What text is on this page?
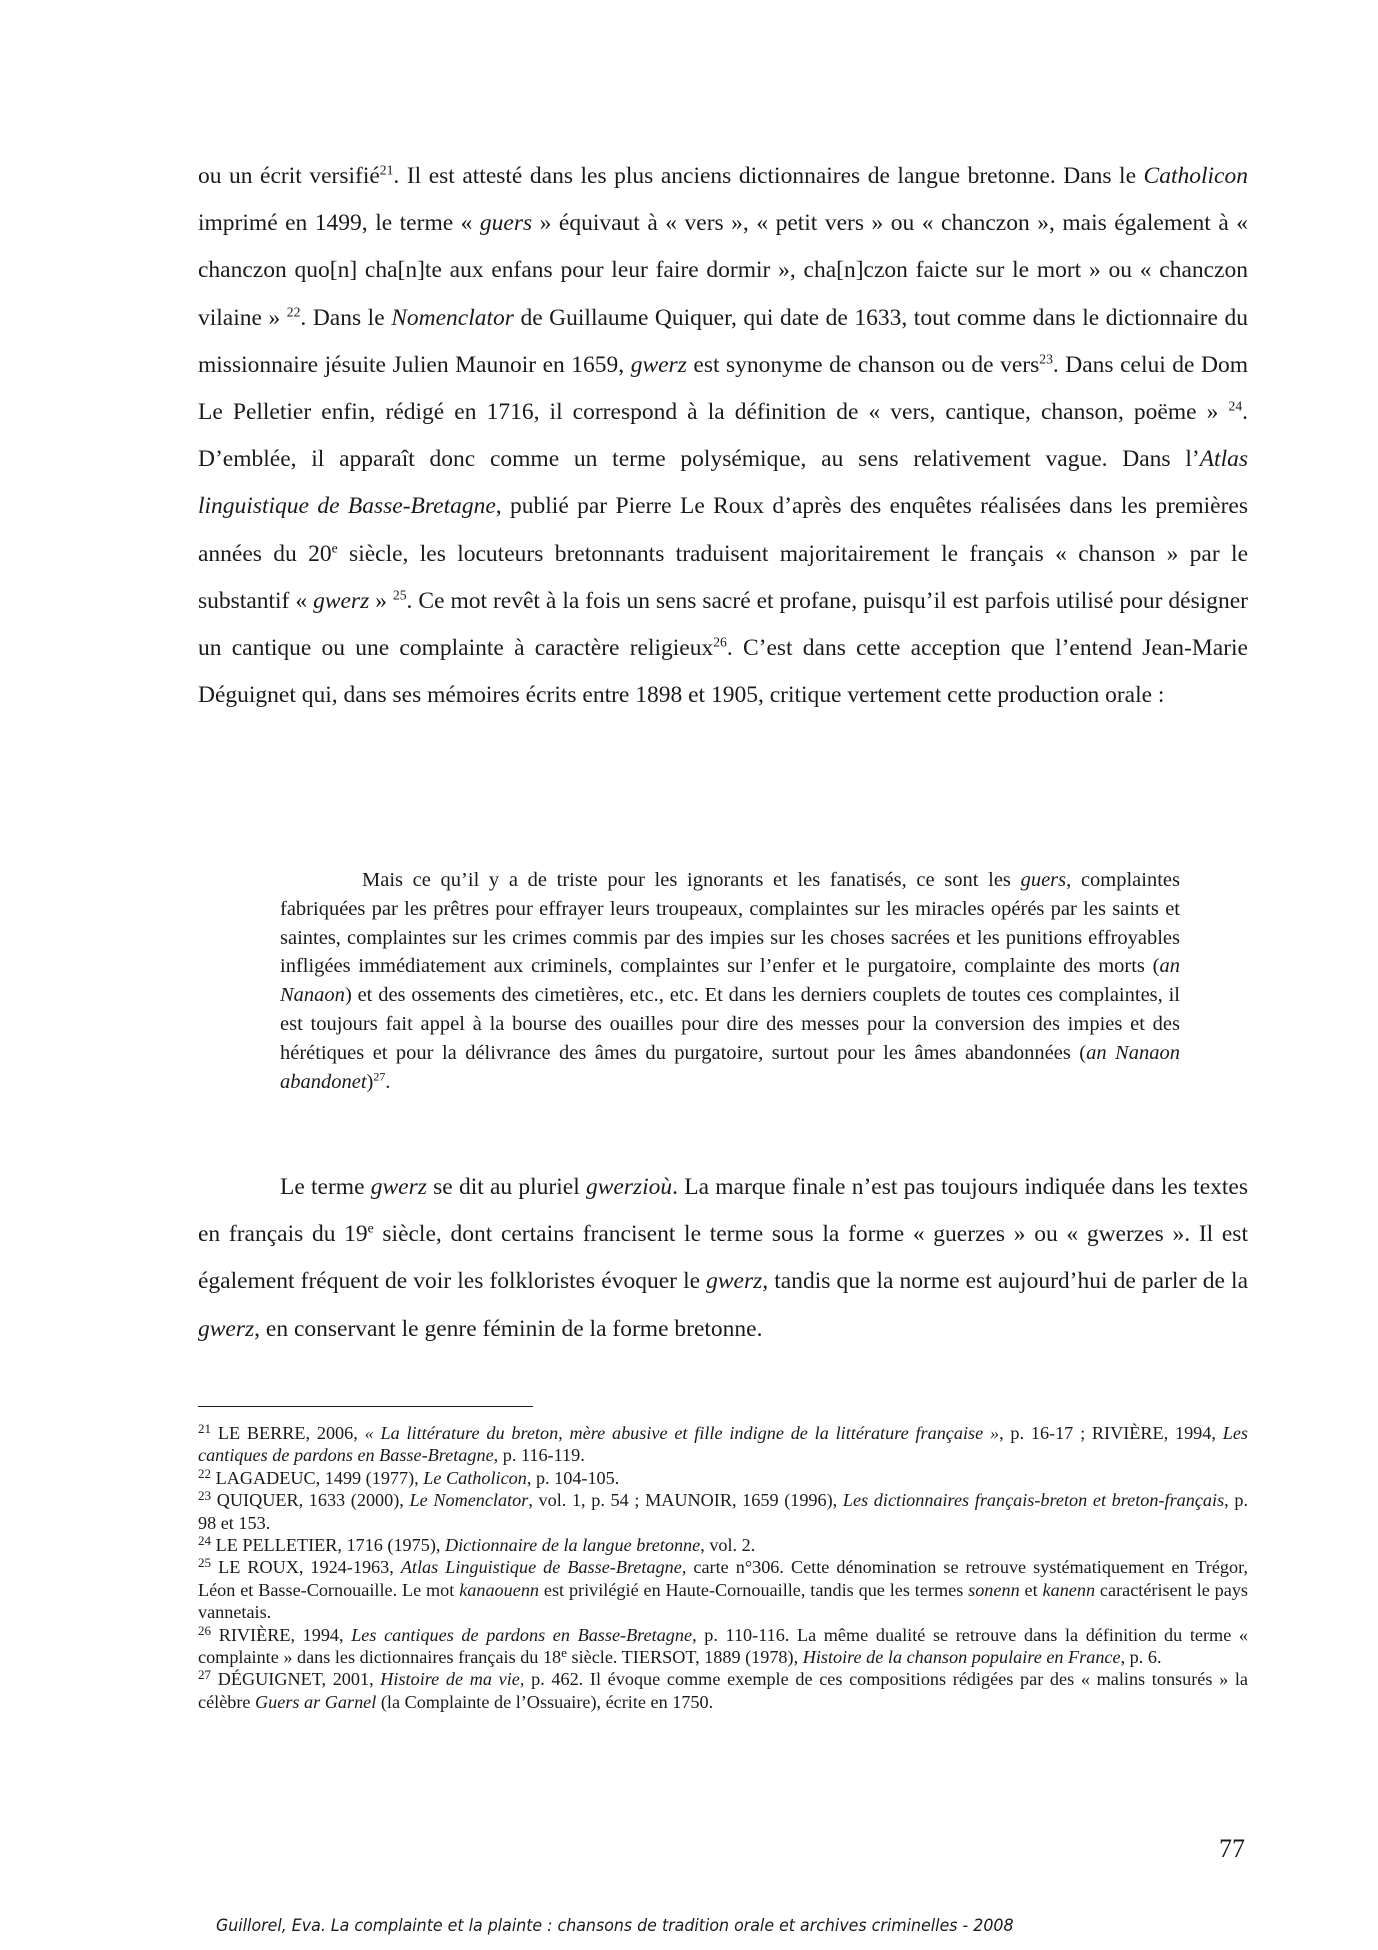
ou un écrit versifié$^{21}$. Il est attesté dans les plus anciens dictionnaires de langue bretonne. Dans le Catholicon imprimé en 1499, le terme « guers » équivaut à « vers », « petit vers » ou « chanczon », mais également à « chanczon quo[n] cha[n]te aux enfans pour leur faire dormir », cha[n]czon faicte sur le mort » ou « chanczon vilaine » $^{22}$. Dans le Nomenclator de Guillaume Quiquer, qui date de 1633, tout comme dans le dictionnaire du missionnaire jésuite Julien Maunoir en 1659, gwerz est synonyme de chanson ou de vers$^{23}$. Dans celui de Dom Le Pelletier enfin, rédigé en 1716, il correspond à la définition de « vers, cantique, chanson, poëme » $^{24}$. D’emblée, il apparaît donc comme un terme polysémique, au sens relativement vague. Dans l’Atlas linguistique de Basse-Bretagne, publié par Pierre Le Roux d’après des enquêtes réalisées dans les premières années du 20e siècle, les locuteurs bretonnants traduisent majoritairement le français « chanson » par le substantif « gwerz » $^{25}$. Ce mot revêt à la fois un sens sacré et profane, puisqu’il est parfois utilisé pour désigner un cantique ou une complainte à caractère religieux$^{26}$. C’est dans cette acception que l’entend Jean-Marie Déguignet qui, dans ses mémoires écrits entre 1898 et 1905, critique vertement cette production orale :

Mais ce qu’il y a de triste pour les ignorants et les fanatisés, ce sont les guers, complaintes fabriquées par les prêtres pour effrayer leurs troupeaux, complaintes sur les miracles opérés par les saints et saintes, complaintes sur les crimes commis par des impies sur les choses sacrées et les punitions effroyables infligées immédiatement aux criminels, complaintes sur l’enfer et le purgatoire, complainte des morts (an Nanaon) et des ossements des cimetières, etc., etc. Et dans les derniers couplets de toutes ces complaintes, il est toujours fait appel à la bourse des ouailles pour dire des messes pour la conversion des impies et des hérétiques et pour la délivrance des âmes du purgatoire, surtout pour les âmes abandonnées (an Nanaon abandonet)$^{27}$.

Le terme gwerz se dit au pluriel gwerzioù. La marque finale n’est pas toujours indiquée dans les textes en français du 19e siècle, dont certains francisent le terme sous la forme « guerzes » ou « gwerzes ». Il est également fréquent de voir les folkloristes évoquer le gwerz, tandis que la norme est aujourd’hui de parler de la gwerz, en conservant le genre féminin de la forme bretonne.

$^{21}$ LE BERRE, 2006, « La littérature du breton, mère abusive et fille indigne de la littérature française », p. 16-17 ; RIVIÈRE, 1994, Les cantiques de pardons en Basse-Bretagne, p. 116-119.

$^{22}$ LAGADEUC, 1499 (1977), Le Catholicon, p. 104-105.

$^{23}$ QUIQUER, 1633 (2000), Le Nomenclator, vol. 1, p. 54 ; MAUNOIR, 1659 (1996), Les dictionnaires français-breton et breton-français, p. 98 et 153.

$^{24}$ LE PELLETIER, 1716 (1975), Dictionnaire de la langue bretonne, vol. 2.

$^{25}$ LE ROUX, 1924-1963, Atlas Linguistique de Basse-Bretagne, carte n°306. Cette dénomination se retrouve systématiquement en Trégor, Léon et Basse-Cornouaille. Le mot kanaouenn est privilégié en Haute-Cornouaille, tandis que les termes sonenn et kanenn caractérisent le pays vannetais.

$^{26}$ RIVIÈRE, 1994, Les cantiques de pardons en Basse-Bretagne, p. 110-116. La même dualité se retrouve dans la définition du terme « complainte » dans les dictionnaires français du 18e siècle. TIERSOT, 1889 (1978), Histoire de la chanson populaire en France, p. 6.

$^{27}$ DÉGUIGNET, 2001, Histoire de ma vie, p. 462. Il évoque comme exemple de ces compositions rédigées par des « malins tonsurés » la célèbre Guers ar Garnel (la Complainte de l’Ossuaire), écrite en 1750.

77
Guillorel, Eva. La complainte et la plainte : chansons de tradition orale et archives criminelles - 2008
